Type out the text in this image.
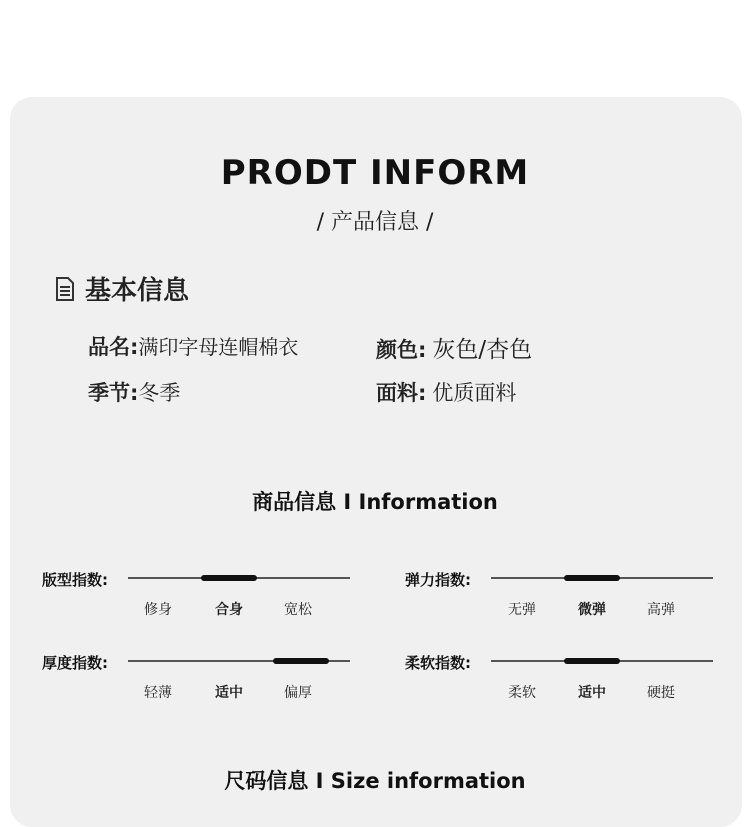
PRODT INFORM
/ 产品信息 /
基本信息
品名: 满印字母连帽棉衣	颜色: 灰色/杏色
季节: 冬季	面料: 优质面料
商品信息 I Information
版型指数:
修身	合身	宽松
弹力指数:
无弹	微弹	高弹
厚度指数:
轻薄	适中	偏厚
柔软指数:
柔软	适中	硬挺
尺码信息 I Size information
